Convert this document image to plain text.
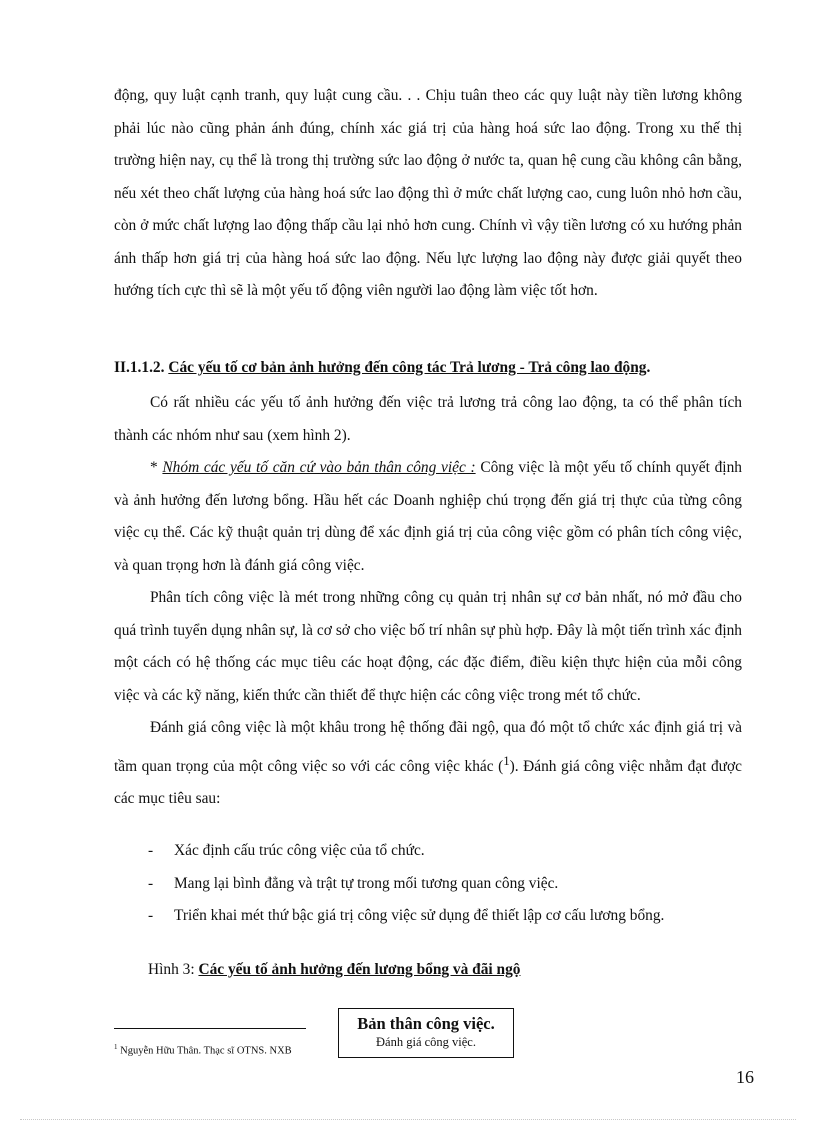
động, quy luật cạnh tranh, quy luật cung cầu. . . Chịu tuân theo các quy luật này tiền lương không phải lúc nào cũng phản ánh đúng, chính xác giá trị của hàng hoá sức lao động. Trong xu thế thị trường hiện nay, cụ thể là trong thị trường sức lao động ở nước ta, quan hệ cung cầu không cân bằng, nếu xét theo chất lượng của hàng hoá sức lao động thì ở mức chất lượng cao, cung luôn nhỏ hơn cầu, còn ở mức chất lượng lao động thấp cầu lại nhỏ hơn cung. Chính vì vậy tiền lương có xu hướng phản ánh thấp hơn giá trị của hàng hoá sức lao động. Nếu lực lượng lao động này được giải quyết theo hướng tích cực thì sẽ là một yếu tố động viên người lao động làm việc tốt hơn.

II.1.1.2. Các yếu tố cơ bản ảnh hưởng đến công tác Trả lương - Trả công lao động.

Có rất nhiều các yếu tố ảnh hưởng đến việc trả lương trả công lao động, ta có thể phân tích thành các nhóm như sau (xem hình 2).

* Nhóm các yếu tố căn cứ vào bản thân công việc : Công việc là một yếu tố chính quyết định và ảnh hưởng đến lương bổng. Hầu hết các Doanh nghiệp chú trọng đến giá trị thực của từng công việc cụ thể. Các kỹ thuật quản trị dùng để xác định giá trị của công việc gồm có phân tích công việc, và quan trọng hơn là đánh giá công việc.

Phân tích công việc là mét trong những công cụ quản trị nhân sự cơ bản nhất, nó mở đầu cho quá trình tuyển dụng nhân sự, là cơ sở cho việc bố trí nhân sự phù hợp. Đây là một tiến trình xác định một cách có hệ thống các mục tiêu các hoạt động, các đặc điểm, điều kiện thực hiện của mỗi công việc và các kỹ năng, kiến thức cần thiết để thực hiện các công việc trong mét tổ chức.

Đánh giá công việc là một khâu trong hệ thống đãi ngộ, qua đó một tổ chức xác định giá trị và tầm quan trọng của một công việc so với các công việc khác ($^1$). Đánh giá công việc nhằm đạt được các mục tiêu sau:

-	Xác định cấu trúc công việc của tổ chức.
-	Mang lại bình đẳng và trật tự trong mối tương quan công việc.
-	Triển khai mét thứ bậc giá trị công việc sử dụng để thiết lập cơ cấu lương bổng.
Hình 3: Các yếu tố ảnh hưởng đến lương bổng và đãi ngộ
$^1$ Nguyễn Hữu Thân. Thạc sĩ OTNS. NXB
Bản thân công việc.
Đánh giá công việc.
16
